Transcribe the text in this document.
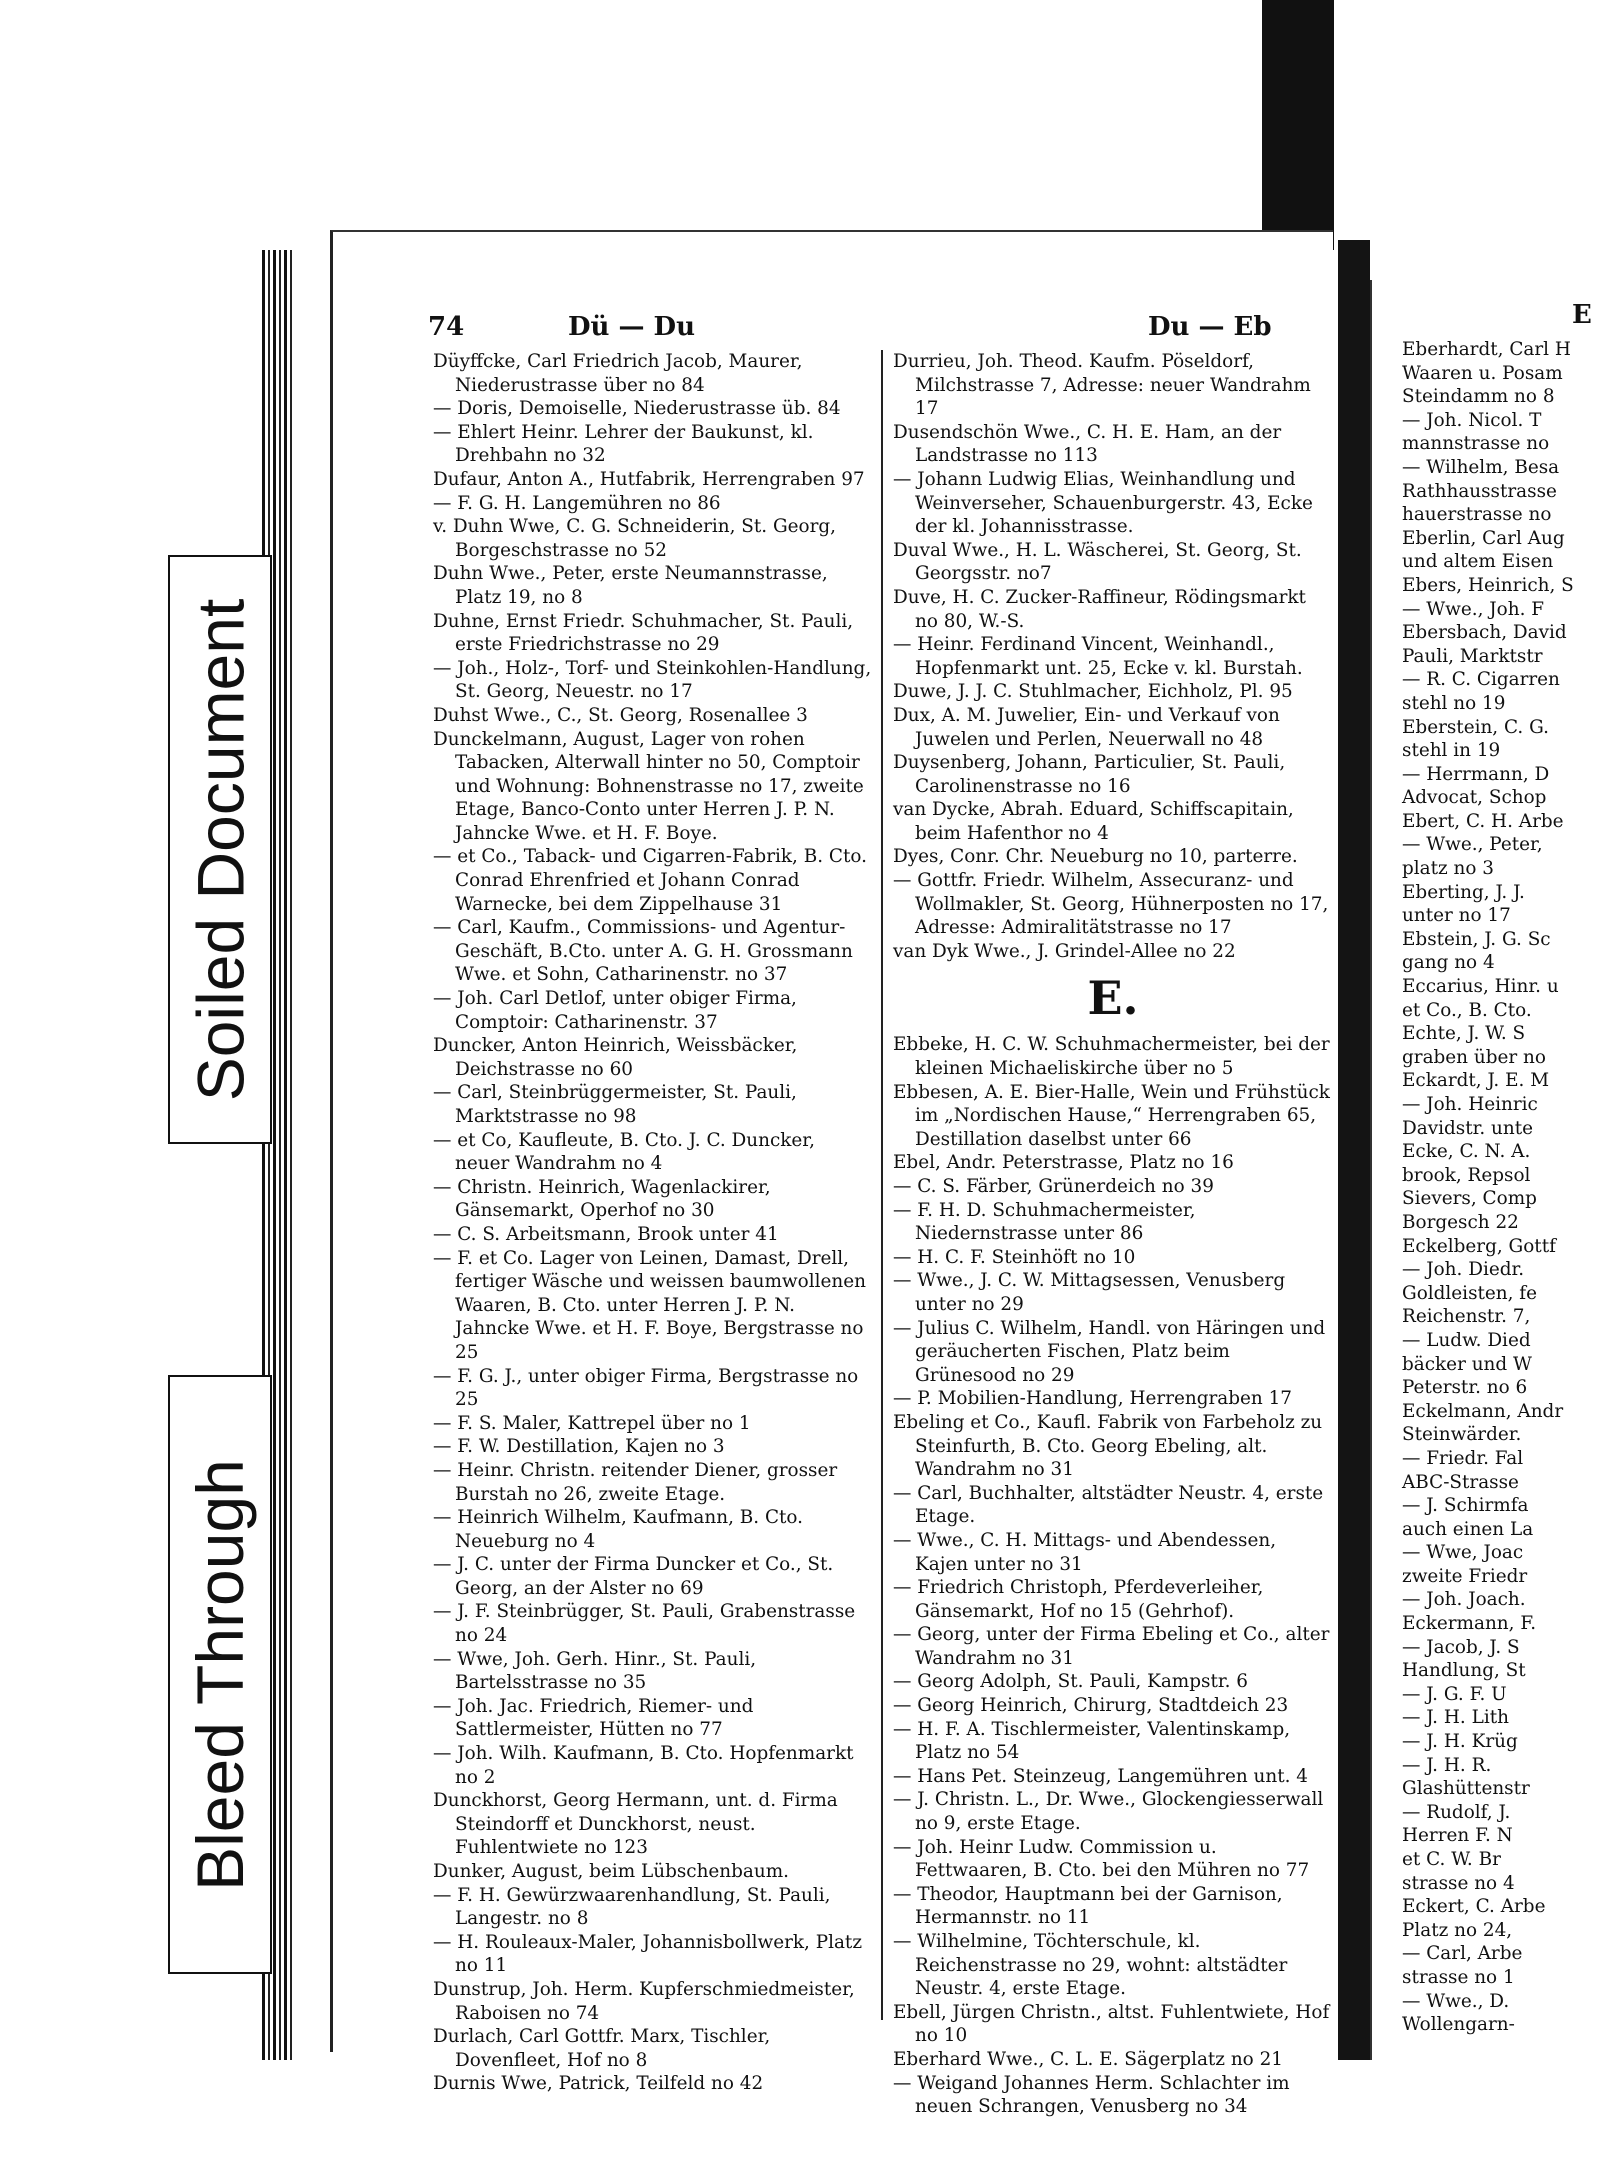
74	Dü — Du	Du — Eb

Düyffcke, Carl Friedrich Jacob, Maurer, Niederustrasse über no 84

— Doris, Demoiselle, Niederustrasse üb. 84

— Ehlert Heinr. Lehrer der Baukunst, kl. Drehbahn no 32

Dufaur, Anton A., Hutfabrik, Herrengraben 97

— F. G. H. Langemühren no 86

v. Duhn Wwe, C. G. Schneiderin, St. Georg, Borgeschstrasse no 52

Duhn Wwe., Peter, erste Neumannstrasse, Platz 19, no 8

Duhne, Ernst Friedr. Schuhmacher, St. Pauli, erste Friedrichstrasse no 29

— Joh., Holz-, Torf- und Steinkohlen-Handlung, St. Georg, Neuestr. no 17

Duhst Wwe., C., St. Georg, Rosenallee 3

Dunckelmann, August, Lager von rohen Tabacken, Alterwall hinter no 50, Comptoir und Wohnung: Bohnenstrasse no 17, zweite Etage, Banco-Conto unter Herren J. P. N. Jahncke Wwe. et H. F. Boye.

— et Co., Taback- und Cigarren-Fabrik, B. Cto. Conrad Ehrenfried et Johann Conrad Warnecke, bei dem Zippelhause 31

— Carl, Kaufm., Commissions- und Agentur-Geschäft, B.Cto. unter A. G. H. Grossmann Wwe. et Sohn, Catharinenstr. no 37

— Joh. Carl Detlof, unter obiger Firma, Comptoir: Catharinenstr. 37

Duncker, Anton Heinrich, Weissbäcker, Deichstrasse no 60

— Carl, Steinbrüggermeister, St. Pauli, Marktstrasse no 98

— et Co, Kaufleute, B. Cto. J. C. Duncker, neuer Wandrahm no 4

— Christn. Heinrich, Wagenlackirer, Gänsemarkt, Operhof no 30

— C. S. Arbeitsmann, Brook unter 41

— F. et Co. Lager von Leinen, Damast, Drell, fertiger Wäsche und weissen baumwollenen Waaren, B. Cto. unter Herren J. P. N. Jahncke Wwe. et H. F. Boye, Bergstrasse no 25

— F. G. J., unter obiger Firma, Bergstrasse no 25

— F. S. Maler, Kattrepel über no 1

— F. W. Destillation, Kajen no 3

— Heinr. Christn. reitender Diener, grosser Burstah no 26, zweite Etage.

— Heinrich Wilhelm, Kaufmann, B. Cto. Neueburg no 4

— J. C. unter der Firma Duncker et Co., St. Georg, an der Alster no 69

— J. F. Steinbrügger, St. Pauli, Grabenstrasse no 24

— Wwe, Joh. Gerh. Hinr., St. Pauli, Bartelsstrasse no 35

— Joh. Jac. Friedrich, Riemer- und Sattlermeister, Hütten no 77

— Joh. Wilh. Kaufmann, B. Cto. Hopfenmarkt no 2

Dunckhorst, Georg Hermann, unt. d. Firma Steindorff et Dunckhorst, neust. Fuhlentwiete no 123

Dunker, August, beim Lübschenbaum.

— F. H. Gewürzwaarenhandlung, St. Pauli, Langestr. no 8

— H. Rouleaux-Maler, Johannisbollwerk, Platz no 11

Dunstrup, Joh. Herm. Kupferschmiedmeister, Raboisen no 74

Durlach, Carl Gottfr. Marx, Tischler, Dovenfleet, Hof no 8

Durnis Wwe, Patrick, Teilfeld no 42

Durrieu, Joh. Theod. Kaufm. Pöseldorf, Milchstrasse 7, Adresse: neuer Wandrahm 17

Dusendschön Wwe., C. H. E. Ham, an der Landstrasse no 113

— Johann Ludwig Elias, Weinhandlung und Weinverseher, Schauenburgerstr. 43, Ecke der kl. Johannisstrasse.

Duval Wwe., H. L. Wäscherei, St. Georg, St. Georgsstr. no7

Duve, H. C. Zucker-Raffineur, Rödingsmarkt no 80, W.-S.

— Heinr. Ferdinand Vincent, Weinhandl., Hopfenmarkt unt. 25, Ecke v. kl. Burstah.

Duwe, J. J. C. Stuhlmacher, Eichholz, Pl. 95

Dux, A. M. Juwelier, Ein- und Verkauf von Juwelen und Perlen, Neuerwall no 48

Duysenberg, Johann, Particulier, St. Pauli, Carolinenstrasse no 16

van Dycke, Abrah. Eduard, Schiffscapitain, beim Hafenthor no 4

Dyes, Conr. Chr. Neueburg no 10, parterre.

— Gottfr. Friedr. Wilhelm, Assecuranz- und Wollmakler, St. Georg, Hühnerposten no 17, Adresse: Admiralitätstrasse no 17

van Dyk Wwe., J. Grindel-Allee no 22

E.

Ebbeke, H. C. W. Schuhmachermeister, bei der kleinen Michaeliskirche über no 5

Ebbesen, A. E. Bier-Halle, Wein und Frühstück im „Nordischen Hause,“ Herrengraben 65, Destillation daselbst unter 66

Ebel, Andr. Peterstrasse, Platz no 16

— C. S. Färber, Grünerdeich no 39

— F. H. D. Schuhmachermeister, Niedernstrasse unter 86

— H. C. F. Steinhöft no 10

— Wwe., J. C. W. Mittagsessen, Venusberg unter no 29

— Julius C. Wilhelm, Handl. von Häringen und geräucherten Fischen, Platz beim Grünesood no 29

— P. Mobilien-Handlung, Herrengraben 17

Ebeling et Co., Kaufl. Fabrik von Farbeholz zu Steinfurth, B. Cto. Georg Ebeling, alt. Wandrahm no 31

— Carl, Buchhalter, altstädter Neustr. 4, erste Etage.

— Wwe., C. H. Mittags- und Abendessen, Kajen unter no 31

— Friedrich Christoph, Pferdeverleiher, Gänsemarkt, Hof no 15 (Gehrhof).

— Georg, unter der Firma Ebeling et Co., alter Wandrahm no 31

— Georg Adolph, St. Pauli, Kampstr. 6

— Georg Heinrich, Chirurg, Stadtdeich 23

— H. F. A. Tischlermeister, Valentinskamp, Platz no 54

— Hans Pet. Steinzeug, Langemühren unt. 4

— J. Christn. L., Dr. Wwe., Glockengiesserwall no 9, erste Etage.

— Joh. Heinr Ludw. Commission u. Fettwaaren, B. Cto. bei den Mühren no 77

— Theodor, Hauptmann bei der Garnison, Hermannstr. no 11

— Wilhelmine, Töchterschule, kl. Reichenstrasse no 29, wohnt: altstädter Neustr. 4, erste Etage.

Ebell, Jürgen Christn., altst. Fuhlentwiete, Hof no 10

Eberhard Wwe., C. L. E. Sägerplatz no 21

— Weigand Johannes Herm. Schlachter im neuen Schrangen, Venusberg no 34

E

Eberhardt, Carl H

Waaren u. Posam

Steindamm no 8

— Joh. Nicol. T

mannstrasse no

— Wilhelm, Besa

Rathhausstrasse

hauerstrasse no

Eberlin, Carl Aug

und altem Eisen

Ebers, Heinrich, S

— Wwe., Joh. F

Ebersbach, David

Pauli, Marktstr

— R. C. Cigarren

stehl no 19

Eberstein, C. G.

stehl in 19

— Herrmann, D

Advocat, Schop

Ebert, C. H. Arbe

— Wwe., Peter,

platz no 3

Eberting, J. J.

unter no 17

Ebstein, J. G. Sc

gang no 4

Eccarius, Hinr. u

et Co., B. Cto.

Echte, J. W. S

graben über no

Eckardt, J. E. M

— Joh. Heinric

Davidstr. unte

Ecke, C. N. A.

brook, Repsol

Sievers, Comp

Borgesch 22

Eckelberg, Gottf

— Joh. Diedr.

Goldleisten, fe

Reichenstr. 7,

— Ludw. Died

bäcker und W

Peterstr. no 6

Eckelmann, Andr

Steinwärder.

— Friedr. Fal

ABC-Strasse

— J. Schirmfa

auch einen La

— Wwe, Joac

zweite Friedr

— Joh. Joach.

Eckermann, F.

— Jacob, J. S

Handlung, St

— J. G. F. U

— J. H. Lith

— J. H. Krüg

— J. H. R.

Glashüttenstr

— Rudolf, J.

Herren F. N

et C. W. Br

strasse no 4

Eckert, C. Arbe

Platz no 24,

— Carl, Arbe

strasse no 1

— Wwe., D.

Wollengarn-

Soiled Document
Bleed Through
